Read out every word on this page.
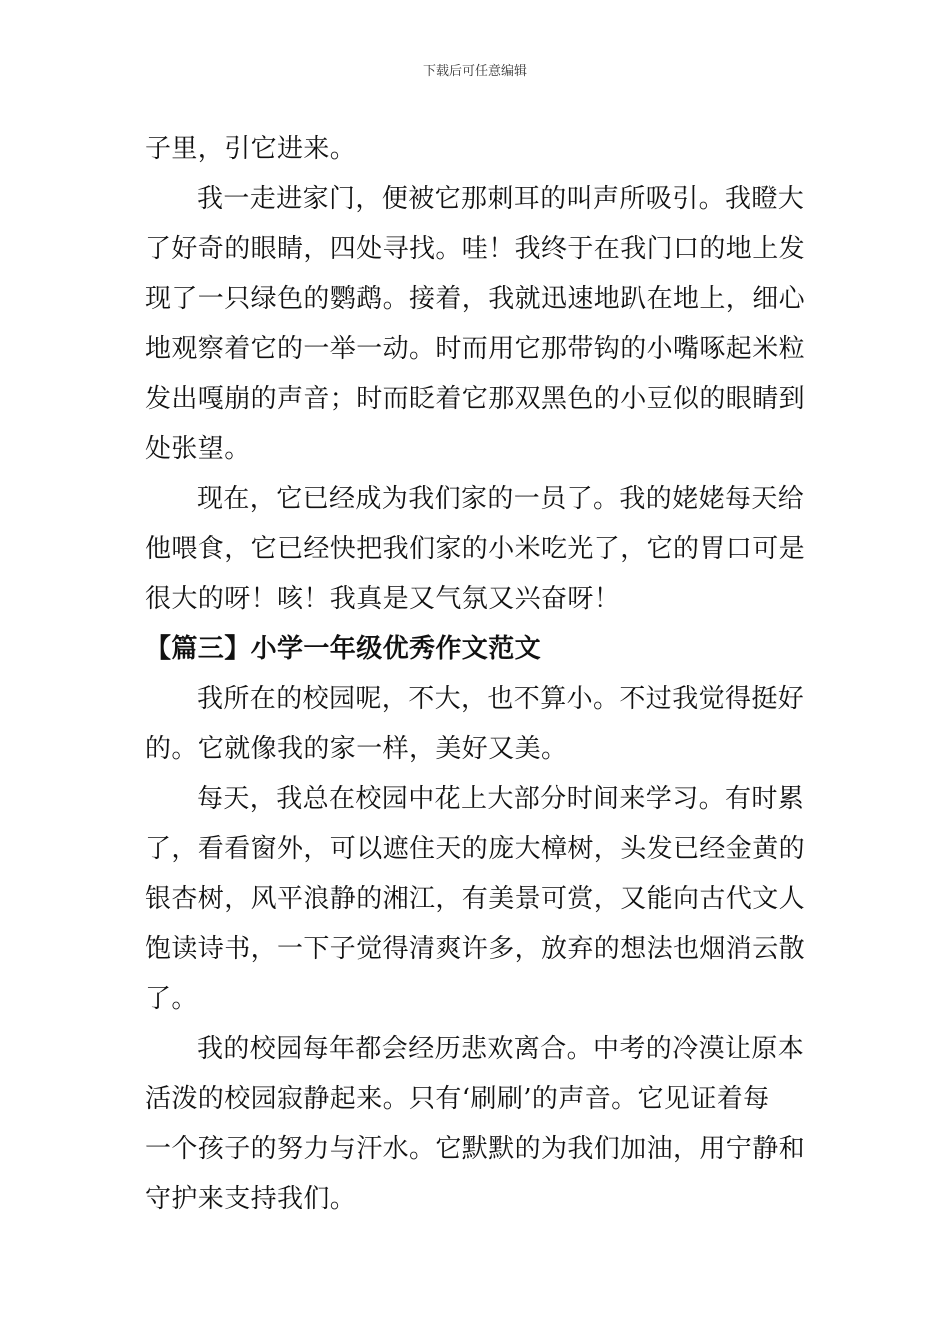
下载后可任意编辑

子里，引它进来。

我一走进家门，便被它那刺耳的叫声所吸引。我瞪大
了好奇的眼睛，四处寻找。哇！我终于在我门口的地上发
现了一只绿色的鹦鹉。接着，我就迅速地趴在地上，细心
地观察着它的一举一动。时而用它那带钩的小嘴啄起米粒
发出嘎崩的声音；时而眨着它那双黑色的小豆似的眼睛到
处张望。

现在，它已经成为我们家的一员了。我的姥姥每天给
他喂食，它已经快把我们家的小米吃光了，它的胃口可是
很大的呀！咳！我真是又气氛又兴奋呀！

【篇三】小学一年级优秀作文范文

我所在的校园呢，不大，也不算小。不过我觉得挺好
的。它就像我的家一样，美好又美。

每天，我总在校园中花上大部分时间来学习。有时累
了，看看窗外，可以遮住天的庞大樟树，头发已经金黄的
银杏树，风平浪静的湘江，有美景可赏，又能向古代文人
饱读诗书，一下子觉得清爽许多，放弃的想法也烟消云散
了。

我的校园每年都会经历悲欢离合。中考的冷漠让原本
活泼的校园寂静起来。只有‘刷刷’的声音。它见证着每
一个孩子的努力与汗水。它默默的为我们加油，用宁静和
守护来支持我们。
